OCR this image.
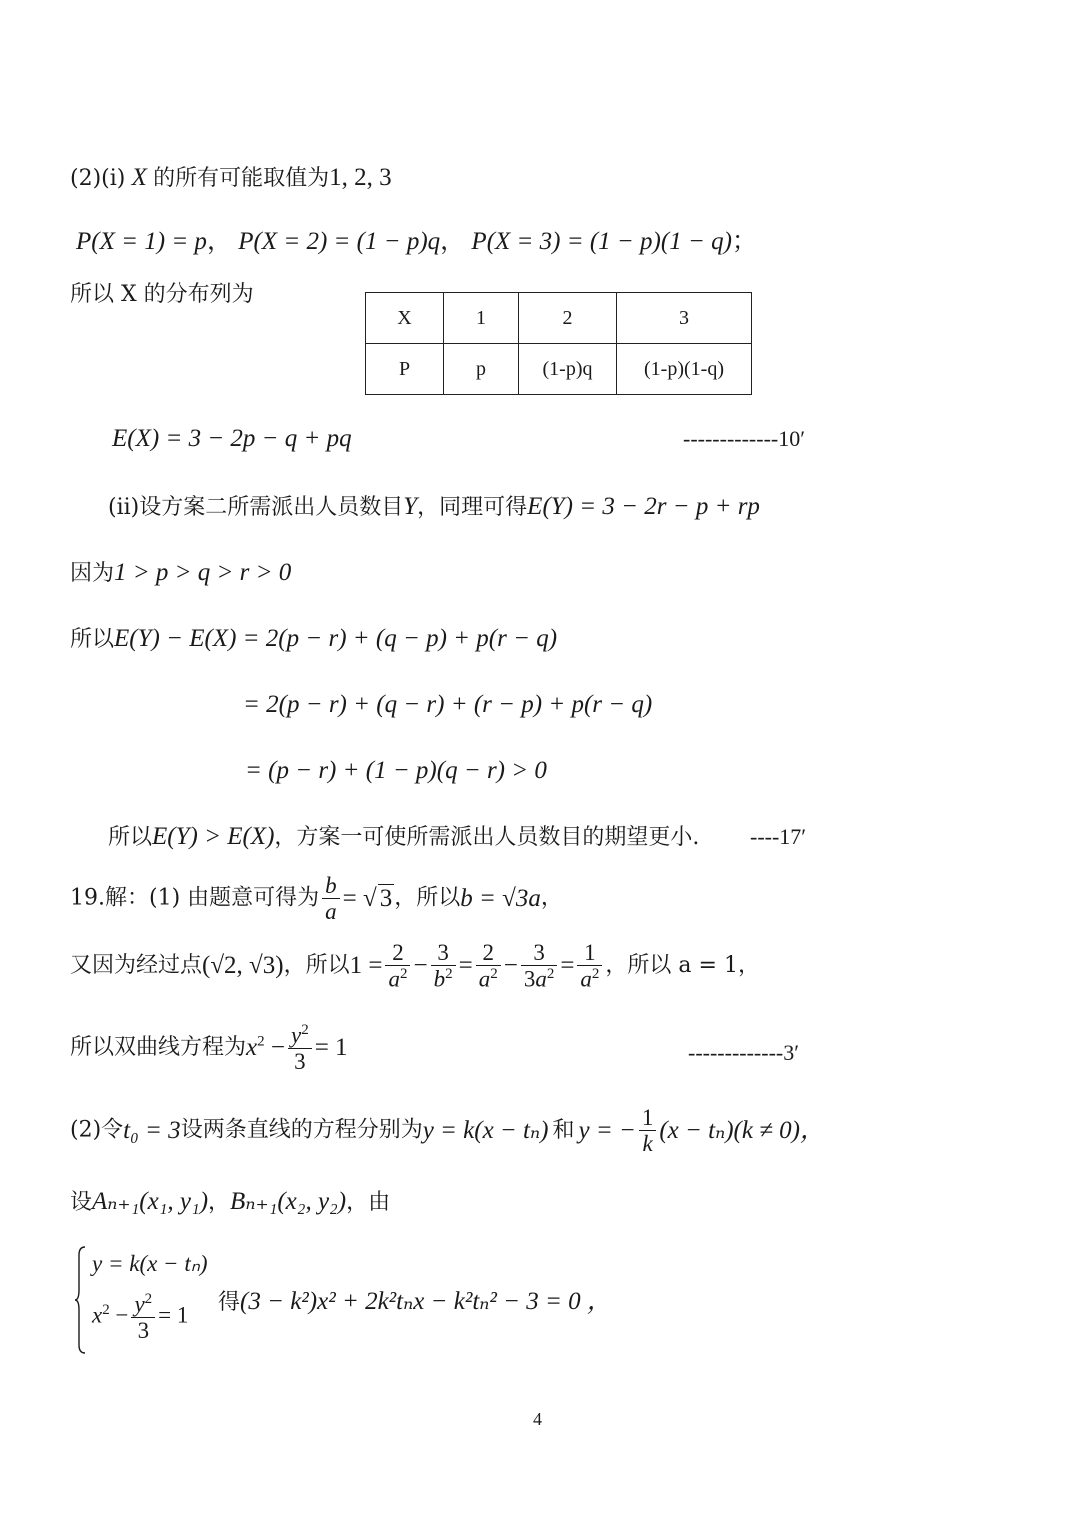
(2)(i) X 的所有可能取值为1, 2, 3
P(X = 1) = p， P(X = 2) = (1 − p)q， P(X = 3) = (1 − p)(1 − q)；
所以 X 的分布列为
X	1	2	3
P	p	(1-p)q	(1-p)(1-q)
E(X) = 3 − 2p − q + pq	-------------10′
(ii)设方案二所需派出人员数目Y，同理可得E(Y) = 3 − 2r − p + rp
因为1 > p > q > r > 0
所以E(Y) − E(X) = 2(p − r) + (q − p) + p(r − q)
= 2(p − r) + (q − r) + (r − p) + p(r − q)
= (p − r) + (1 − p)(q − r) > 0
所以E(Y) > E(X)，方案一可使所需派出人员数目的期望更小. ----17′
19.解：(1) 由题意可得为 $\frac{b}{a}$ = √ 3，所以b = √3a，
又因为经过点(√2, √3)，所以$1 = \frac{2}{a^2} - \frac{3}{b^2} = \frac{2}{a^2} - \frac{3}{3a^2} = \frac{1}{a^2}$ ，所以 a = 1，
所以双曲线方程为$x^2 - \frac{y^2}{3} = 1$	-------------3′
(2)令t₀ = 3设两条直线的方程分别为y = k(x − tₙ) 和 y = − $\frac{1}{k} (x - t_n)(k \ne 0)$，
设Aₙ₊₁(x₁, y₁)，Bₙ₊₁(x₂, y₂)，由
y = k(x − tₙ)
$x^2 - \frac{y^2}{3} = 1$ 得(3 − k²)x² + 2k²tₙx − k²tₙ² − 3 = 0 ，
4
